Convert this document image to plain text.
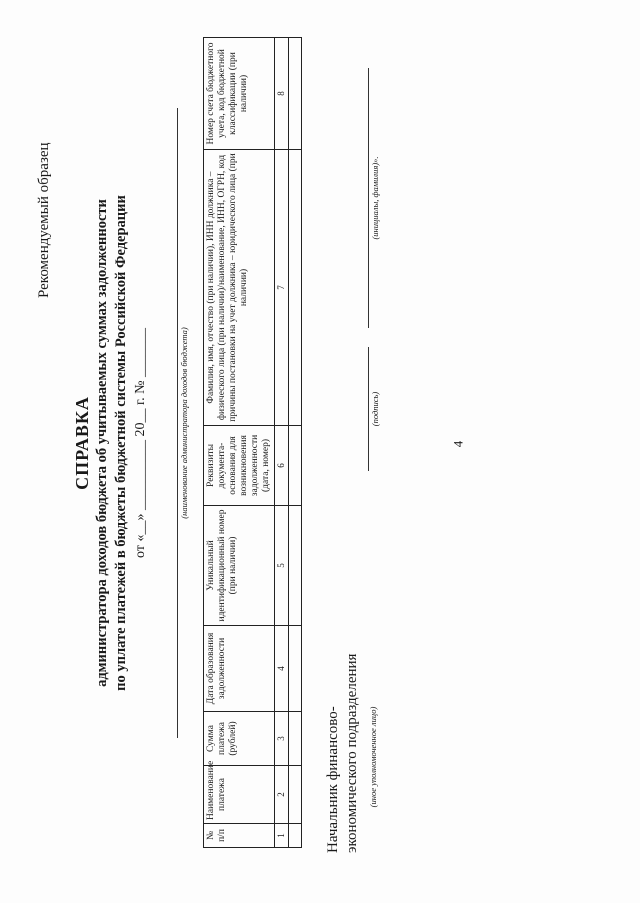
4
Рекомендуемый образец
СПРАВКА администратора доходов бюджета об учитываемых суммах задолженности по уплате платежей в бюджеты бюджетной системы Российской Федерации от «__» __________ 20__ г. № _______	(наименование администратора доходов бюджета)
№ п/п	Наименование платежа	Сумма платежа (рублей)	Дата образования задолженности	Уникальный идентификационный номер (при наличии)	Реквизиты документа-основания для возникновения задолженности (дата, номер)	Фамилия, имя, отчество (при наличии), ИНН должника – физического лица (при наличии)/наименование, ИНН, ОГРН, код причины постановки на учет должника – юридического лица (при наличии)	Номер счета бюджетного учета, код бюджетной классификации (при наличии)
1	2	3	4	5	6	7	8

Начальник финансово- экономического подразделения (иное уполномоченное лицо)
(подпись)
(инициалы, фамилия)».
